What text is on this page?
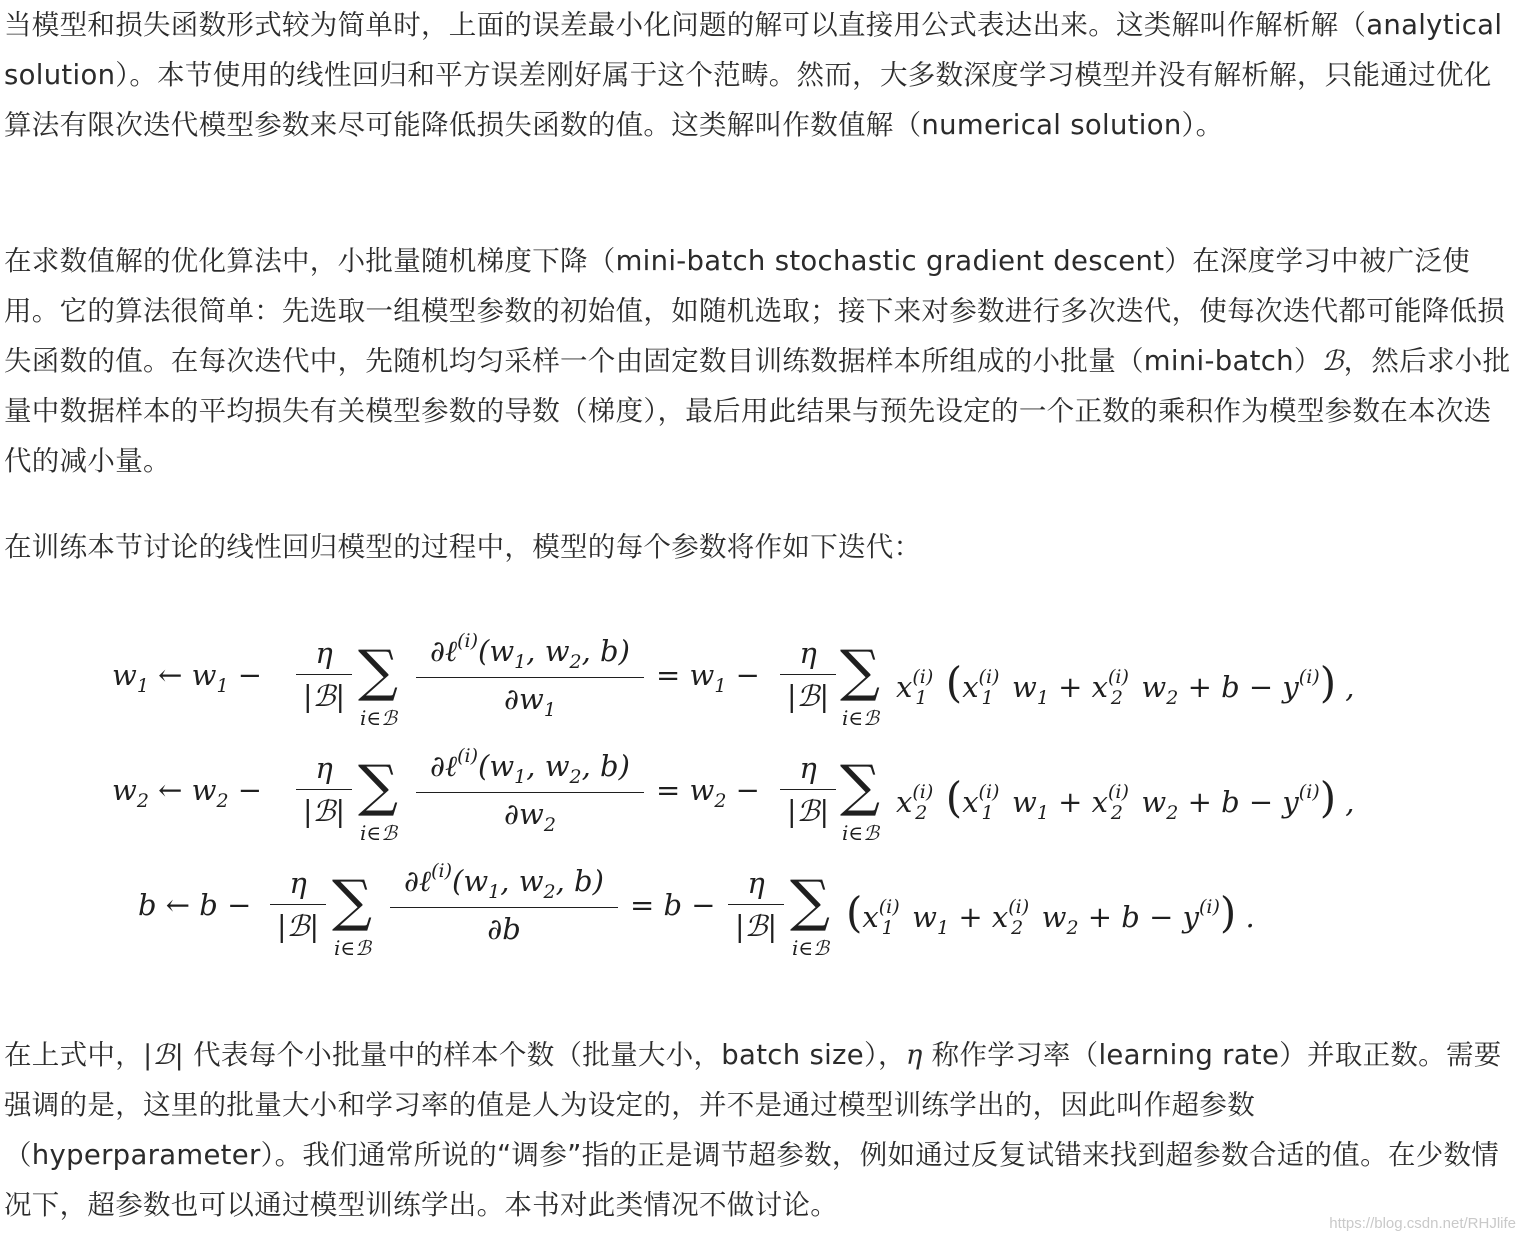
当模型和损失函数形式较为简单时，上面的误差最小化问题的解可以直接用公式表达出来。这类解叫作解析解（analytical solution）。本节使用的线性回归和平方误差刚好属于这个范畴。然而，大多数深度学习模型并没有解析解，只能通过优化算法有限次迭代模型参数来尽可能降低损失函数的值。这类解叫作数值解（numerical solution）。

在求数值解的优化算法中，小批量随机梯度下降（mini-batch stochastic gradient descent）在深度学习中被广泛使用。它的算法很简单：先选取一组模型参数的初始值，如随机选取；接下来对参数进行多次迭代，使每次迭代都可能降低损失函数的值。在每次迭代中，先随机均匀采样一个由固定数目训练数据样本所组成的小批量（mini-batch）ℬ，然后求小批量中数据样本的平均损失有关模型参数的导数（梯度），最后用此结果与预先设定的一个正数的乘积作为模型参数在本次迭代的减小量。

在训练本节讨论的线性回归模型的过程中，模型的每个参数将作如下迭代：

$w_1$ ← $w_1$ −
η
|ℬ| ∑
i∈ℬ
$\partial\ell^{(i)}(w_1$, $w_2$, b)
$\partial w_1$
= $w_1$ −
η
|ℬ| ∑
i∈ℬ
$x^{(i)}_1$ ($x^{(i)}_1$  $w_1 + x^{(i)}_2$  $w_2 + b - y^{(i)}$) ,
$w_2$ ← $w_2$ −
η
|ℬ| ∑
i∈ℬ
$\partial\ell^{(i)}(w_1$, $w_2$, b)
$\partial w_2$
= $w_2$ −
η
|ℬ| ∑
i∈ℬ
$x^{(i)}_2$ ($x^{(i)}_1$  $w_1 + x^{(i)}_2$  $w_2 + b - y^{(i)}$) ,
b ← b −
η
|ℬ| ∑
i∈ℬ
$\partial\ell^{(i)}(w_1$, $w_2$, b)
∂b
= b −
η
|ℬ| ∑
i∈ℬ
($x^{(i)}_1$  $w_1 + x^{(i)}_2$  $w_2 + b - y^{(i)}$) .

在上式中，|ℬ| 代表每个小批量中的样本个数（批量大小，batch size），η 称作学习率（learning rate）并取正数。需要强调的是，这里的批量大小和学习率的值是人为设定的，并不是通过模型训练学出的，因此叫作超参数（hyperparameter）。我们通常所说的“调参”指的正是调节超参数，例如通过反复试错来找到超参数合适的值。在少数情况下，超参数也可以通过模型训练学出。本书对此类情况不做讨论。

https://blog.csdn.net/RHJlife
